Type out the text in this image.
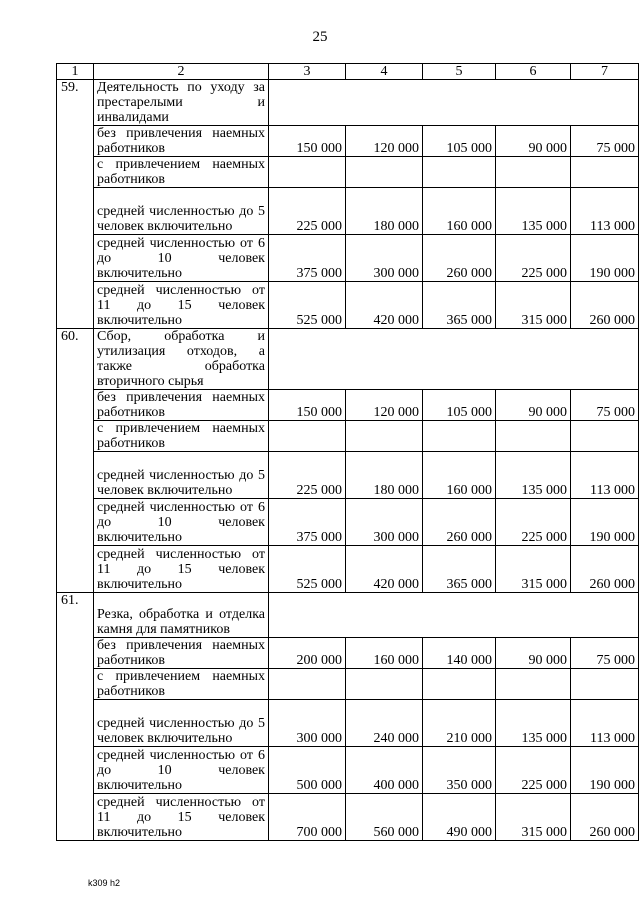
25
1	2	3	4	5	6	7
59.	Деятельность по уходу за престарелыми и инвалидами					
	без привлечения наемных работников	150 000	120 000	105 000	90 000	75 000
	с привлечением наемных работников					
	средней численностью до 5 человек включительно	225 000	180 000	160 000	135 000	113 000
	средней численностью от 6 до 10 человек включительно	375 000	300 000	260 000	225 000	190 000
	средней численностью от 11 до 15 человек включительно	525 000	420 000	365 000	315 000	260 000
60.	Сбор, обработка и утилизация отходов, а также обработка вторичного сырья					
	без привлечения наемных работников	150 000	120 000	105 000	90 000	75 000
	с привлечением наемных работников					
	средней численностью до 5 человек включительно	225 000	180 000	160 000	135 000	113 000
	средней численностью от 6 до 10 человек включительно	375 000	300 000	260 000	225 000	190 000
	средней численностью от 11 до 15 человек включительно	525 000	420 000	365 000	315 000	260 000
61.	Резка, обработка и отделка камня для памятников					
	без привлечения наемных работников	200 000	160 000	140 000	90 000	75 000
	с привлечением наемных работников					
	средней численностью до 5 человек включительно	300 000	240 000	210 000	135 000	113 000
	средней численностью от 6 до 10 человек включительно	500 000	400 000	350 000	225 000	190 000
	средней численностью от 11 до 15 человек включительно	700 000	560 000	490 000	315 000	260 000
k309 h2
